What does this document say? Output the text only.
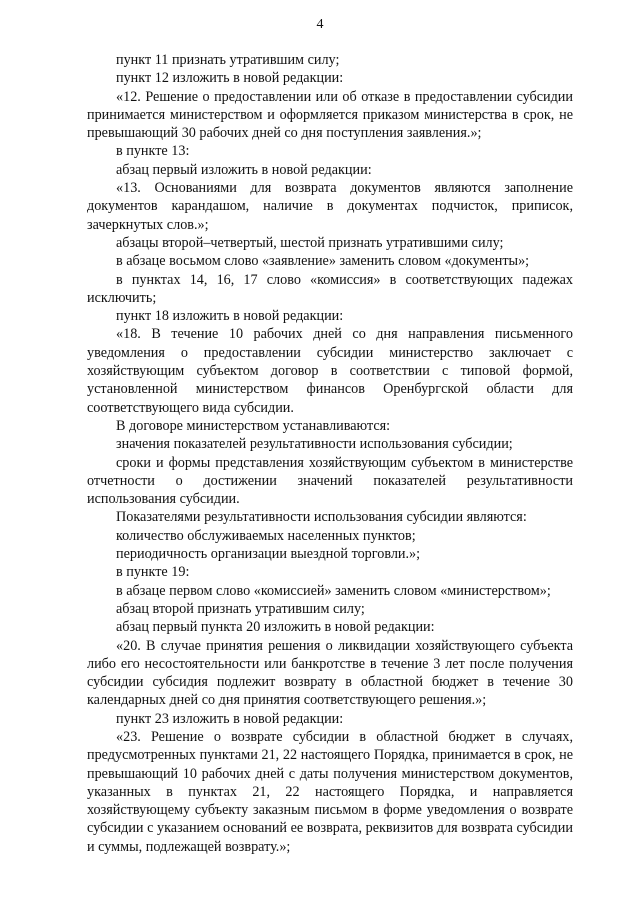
4

пункт 11 признать утратившим силу;

пункт 12 изложить в новой редакции:

«12. Решение о предоставлении или об отказе в предоставлении субсидии принимается министерством и оформляется приказом министерства в срок, не превышающий 30 рабочих дней со дня поступления заявления.»;

в пункте 13:

абзац первый изложить в новой редакции:

«13. Основаниями для возврата документов являются заполнение документов карандашом, наличие в документах подчисток, приписок, зачеркнутых слов.»;

абзацы второй–четвертый, шестой признать утратившими силу;

в абзаце восьмом слово «заявление» заменить словом «документы»;

в пунктах 14, 16, 17 слово «комиссия» в соответствующих падежах исключить;

пункт 18 изложить в новой редакции:

«18. В течение 10 рабочих дней со дня направления письменного уведомления о предоставлении субсидии министерство заключает с хозяйствующим субъектом договор в соответствии с типовой формой, установленной министерством финансов Оренбургской области для соответствующего вида субсидии.

В договоре министерством устанавливаются:

значения показателей результативности использования субсидии;

сроки и формы представления хозяйствующим субъектом в министерстве отчетности о достижении значений показателей результативности использования субсидии.

Показателями результативности использования субсидии являются:

количество обслуживаемых населенных пунктов;

периодичность организации выездной торговли.»;

в пункте 19:

в абзаце первом слово «комиссией» заменить словом «министерством»;

абзац второй признать утратившим силу;

абзац первый пункта 20 изложить в новой редакции:

«20. В случае принятия решения о ликвидации хозяйствующего субъекта либо его несостоятельности или банкротстве в течение 3 лет после получения субсидии субсидия подлежит возврату в областной бюджет в течение 30 календарных дней со дня принятия соответствующего решения.»;

пункт 23 изложить в новой редакции:

«23. Решение о возврате субсидии в областной бюджет в случаях, предусмотренных пунктами 21, 22 настоящего Порядка, принимается в срок, не превышающий 10 рабочих дней с даты получения министерством документов, указанных в пунктах 21, 22 настоящего Порядка, и направляется хозяйствующему субъекту заказным письмом в форме уведомления о возврате субсидии с указанием оснований ее возврата, реквизитов для возврата субсидии и суммы, подлежащей возврату.»;
